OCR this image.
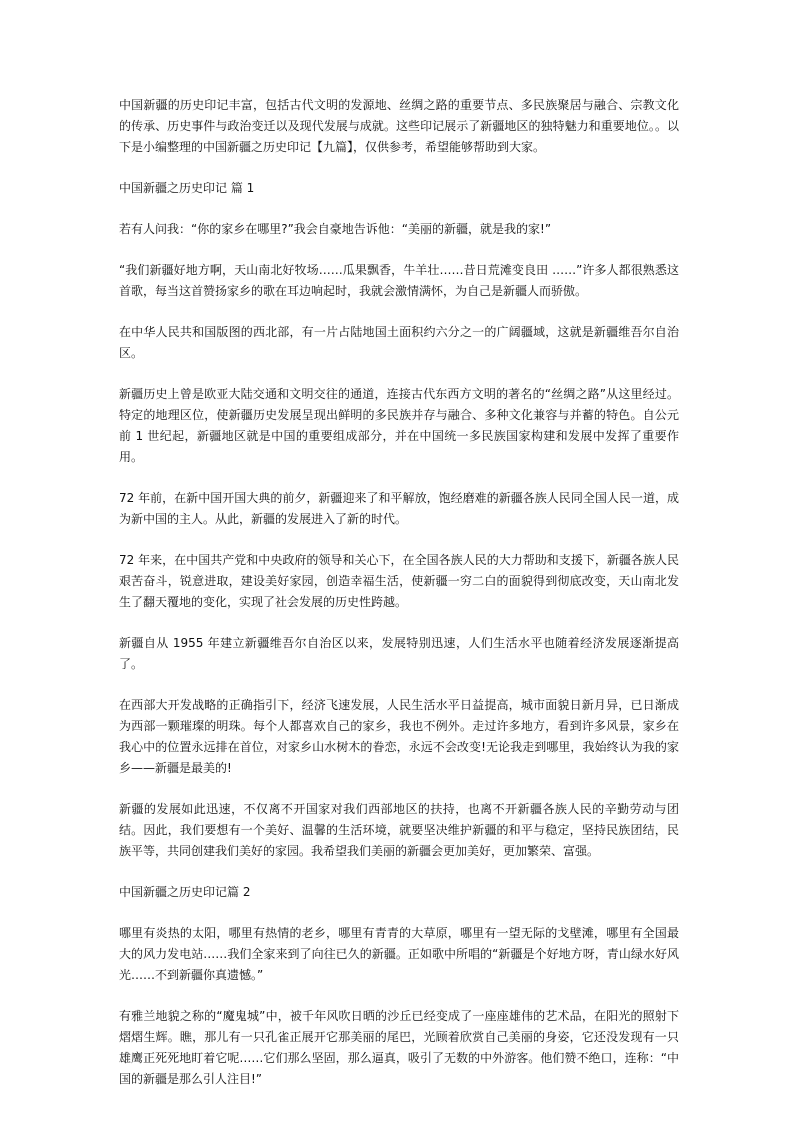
中国新疆的历史印记丰富，包括古代文明的发源地、丝绸之路的重要节点、多民族聚居与融合、宗教文化的传承、历史事件与政治变迁以及现代发展与成就。这些印记展示了新疆地区的独特魅力和重要地位。。以下是小编整理的中国新疆之历史印记【九篇】，仅供参考，希望能够帮助到大家。

中国新疆之历史印记 篇 1

若有人问我：“你的家乡在哪里?”我会自豪地告诉他：“美丽的新疆，就是我的家!”

“我们新疆好地方啊，天山南北好牧场……瓜果飘香，牛羊壮……昔日荒滩变良田 ……”许多人都很熟悉这首歌，每当这首赞扬家乡的歌在耳边响起时，我就会激情满怀，为自己是新疆人而骄傲。

在中华人民共和国版图的西北部，有一片占陆地国土面积约六分之一的广阔疆域，这就是新疆维吾尔自治区。

新疆历史上曾是欧亚大陆交通和文明交往的通道，连接古代东西方文明的著名的“丝绸之路”从这里经过。特定的地理区位，使新疆历史发展呈现出鲜明的多民族并存与融合、多种文化兼容与并蓄的特色。自公元前 1 世纪起，新疆地区就是中国的重要组成部分，并在中国统一多民族国家构建和发展中发挥了重要作用。

72 年前，在新中国开国大典的前夕，新疆迎来了和平解放，饱经磨难的新疆各族人民同全国人民一道，成为新中国的主人。从此，新疆的发展进入了新的时代。

72 年来，在中国共产党和中央政府的领导和关心下，在全国各族人民的大力帮助和支援下，新疆各族人民艰苦奋斗，锐意进取，建设美好家园，创造幸福生活，使新疆一穷二白的面貌得到彻底改变，天山南北发生了翻天覆地的变化，实现了社会发展的历史性跨越。

新疆自从 1955 年建立新疆维吾尔自治区以来，发展特别迅速，人们生活水平也随着经济发展逐渐提高了。

在西部大开发战略的正确指引下，经济飞速发展，人民生活水平日益提高，城市面貌日新月异，已日渐成为西部一颗璀璨的明珠。每个人都喜欢自己的家乡，我也不例外。走过许多地方，看到许多风景，家乡在我心中的位置永远排在首位，对家乡山水树木的眷恋，永远不会改变!无论我走到哪里，我始终认为我的家乡——新疆是最美的!

新疆的发展如此迅速，不仅离不开国家对我们西部地区的扶持，也离不开新疆各族人民的辛勤劳动与团结。因此，我们要想有一个美好、温馨的生活环境，就要坚决维护新疆的和平与稳定，坚持民族团结，民族平等，共同创建我们美好的家园。我希望我们美丽的新疆会更加美好，更加繁荣、富强。

中国新疆之历史印记篇 2

哪里有炎热的太阳，哪里有热情的老乡，哪里有青青的大草原，哪里有一望无际的戈壁滩，哪里有全国最大的风力发电站……我们全家来到了向往已久的新疆。正如歌中所唱的“新疆是个好地方呀，青山绿水好风光……不到新疆你真遗憾。”

有雅兰地貌之称的“魔鬼城”中，被千年风吹日晒的沙丘已经变成了一座座雄伟的艺术品，在阳光的照射下熠熠生辉。瞧，那儿有一只孔雀正展开它那美丽的尾巴，光顾着欣赏自己美丽的身姿，它还没发现有一只雄鹰正死死地盯着它呢……它们那么坚固，那么逼真，吸引了无数的中外游客。他们赞不绝口，连称：“中国的新疆是那么引人注目!”
